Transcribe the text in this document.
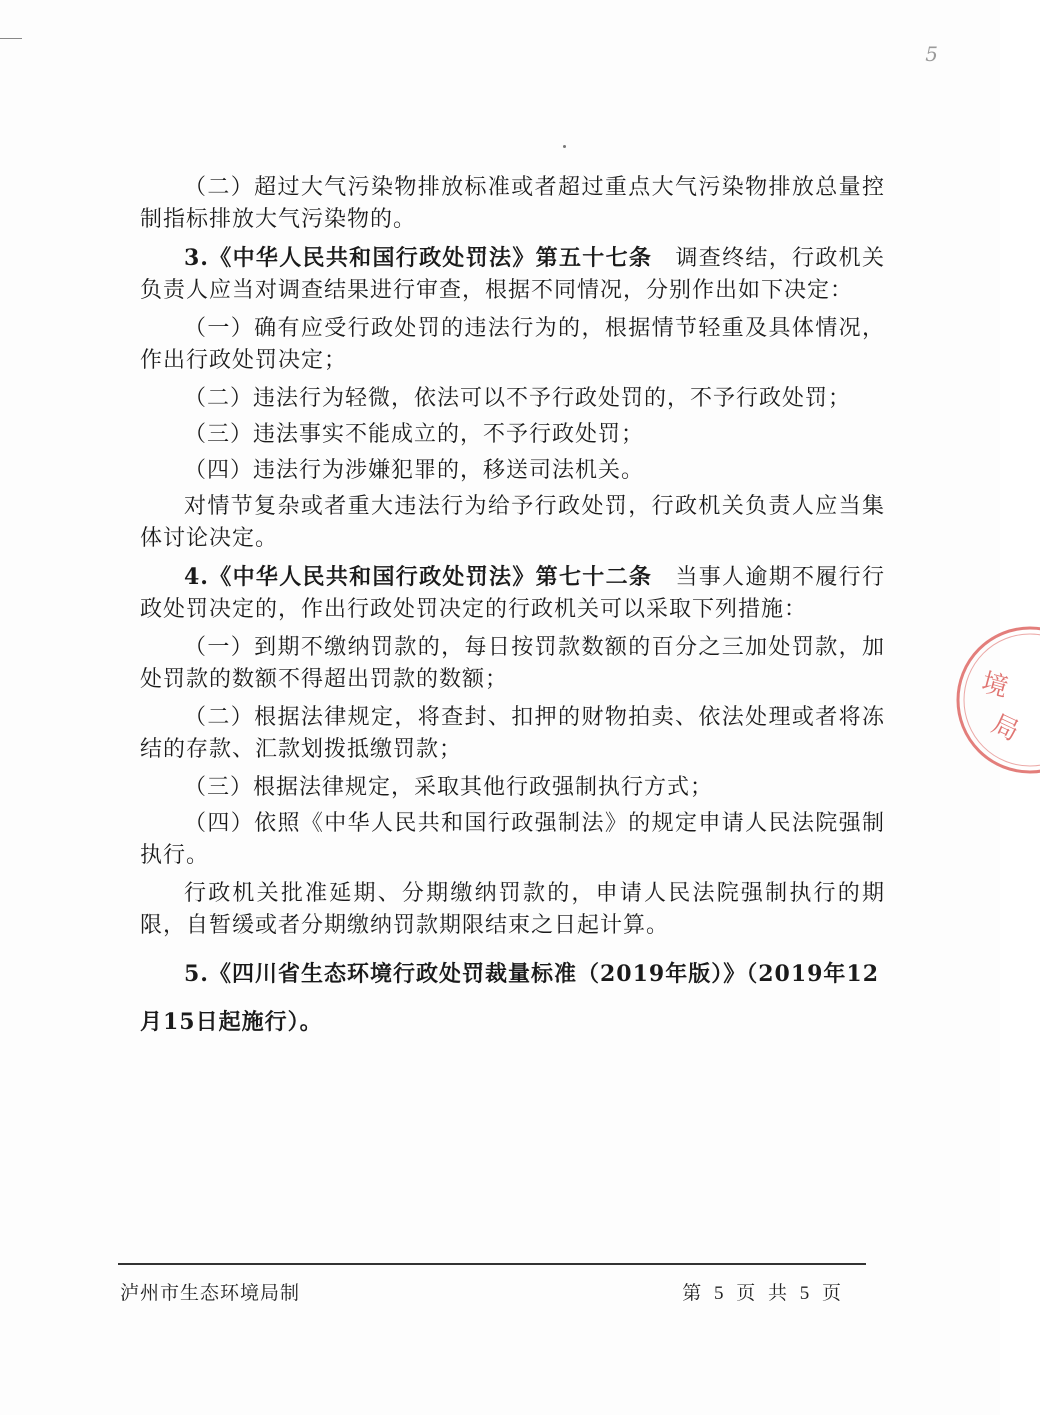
5

（二）超过大气污染物排放标准或者超过重点大气污染物排放总量控制指标排放大气污染物的。

3.《中华人民共和国行政处罚法》第五十七条　调查终结，行政机关负责人应当对调查结果进行审查，根据不同情况，分别作出如下决定：

（一）确有应受行政处罚的违法行为的，根据情节轻重及具体情况，作出行政处罚决定；

（二）违法行为轻微，依法可以不予行政处罚的，不予行政处罚；

（三）违法事实不能成立的，不予行政处罚；

（四）违法行为涉嫌犯罪的，移送司法机关。

对情节复杂或者重大违法行为给予行政处罚，行政机关负责人应当集体讨论决定。

4.《中华人民共和国行政处罚法》第七十二条　当事人逾期不履行行政处罚决定的，作出行政处罚决定的行政机关可以采取下列措施：

（一）到期不缴纳罚款的，每日按罚款数额的百分之三加处罚款，加处罚款的数额不得超出罚款的数额；

（二）根据法律规定，将查封、扣押的财物拍卖、依法处理或者将冻结的存款、汇款划拨抵缴罚款；

（三）根据法律规定，采取其他行政强制执行方式；

（四）依照《中华人民共和国行政强制法》的规定申请人民法院强制执行。

行政机关批准延期、分期缴纳罚款的，申请人民法院强制执行的期限，自暂缓或者分期缴纳罚款期限结束之日起计算。

5.《四川省生态环境行政处罚裁量标准（2019年版）》（2019年12月15日起施行）。

境
局
泸州市生态环境局制	第 5 页 共 5 页
